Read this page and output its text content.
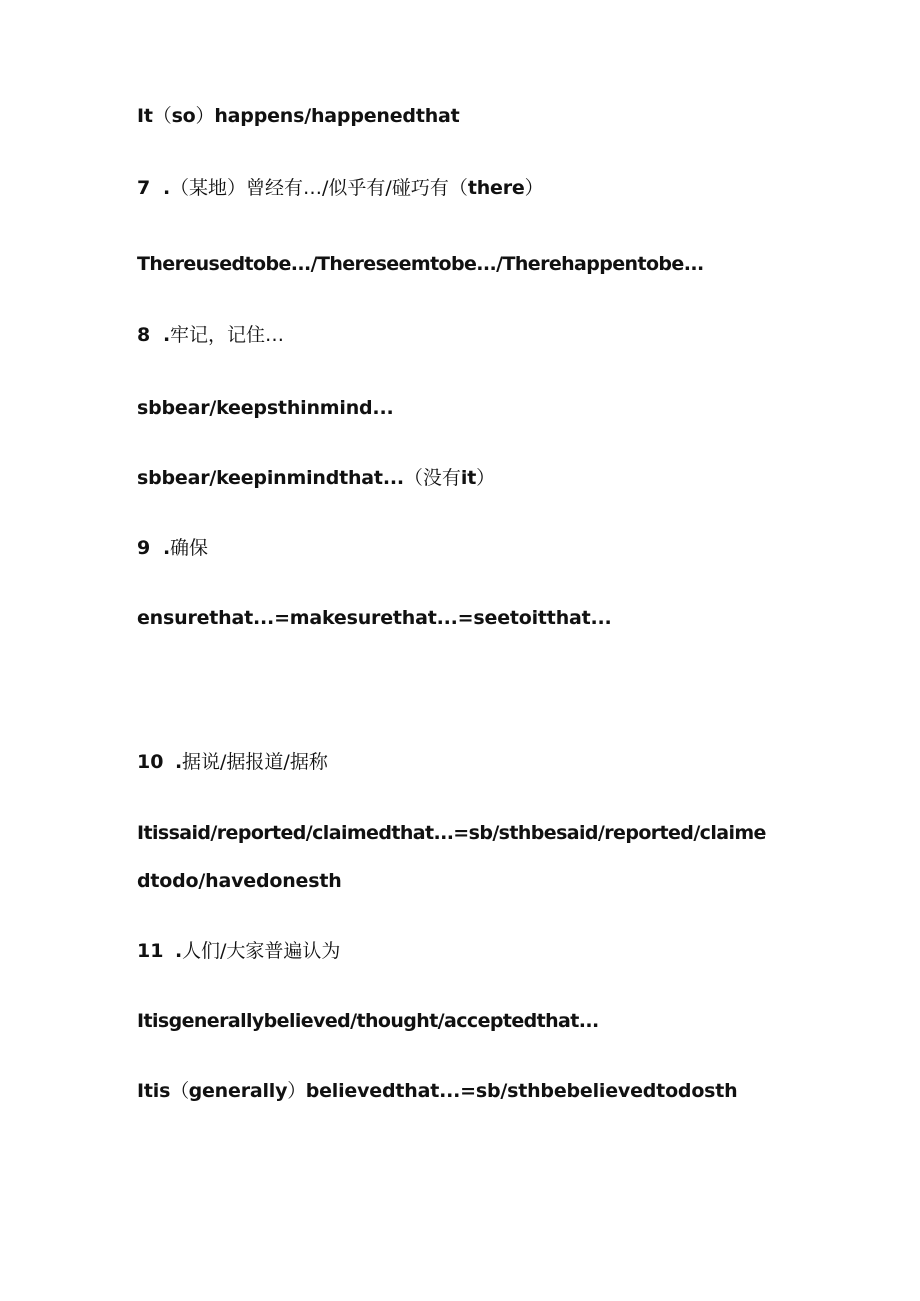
It（so）happens/happenedthat
7 .（某地）曾经有…/似乎有/碰巧有（there）
Thereusedtobe.../Thereseemtobe.../Therehappentobe...
8 .牢记，记住…
sbbear/keepsthinmind...
sbbear/keepinmindthat...（没有it）
9 .确保
ensurethat...=makesurethat...=seetoitthat...
10 .据说/据报道/据称
Itissaid/reported/claimedthat...=sb/sthbesaid/reported/claime
dtodo/havedonesth
11 .人们/大家普遍认为
Itisgenerallybelieved/thought/acceptedthat...
Itis（generally）believedthat...=sb/sthbebelievedtodosth
